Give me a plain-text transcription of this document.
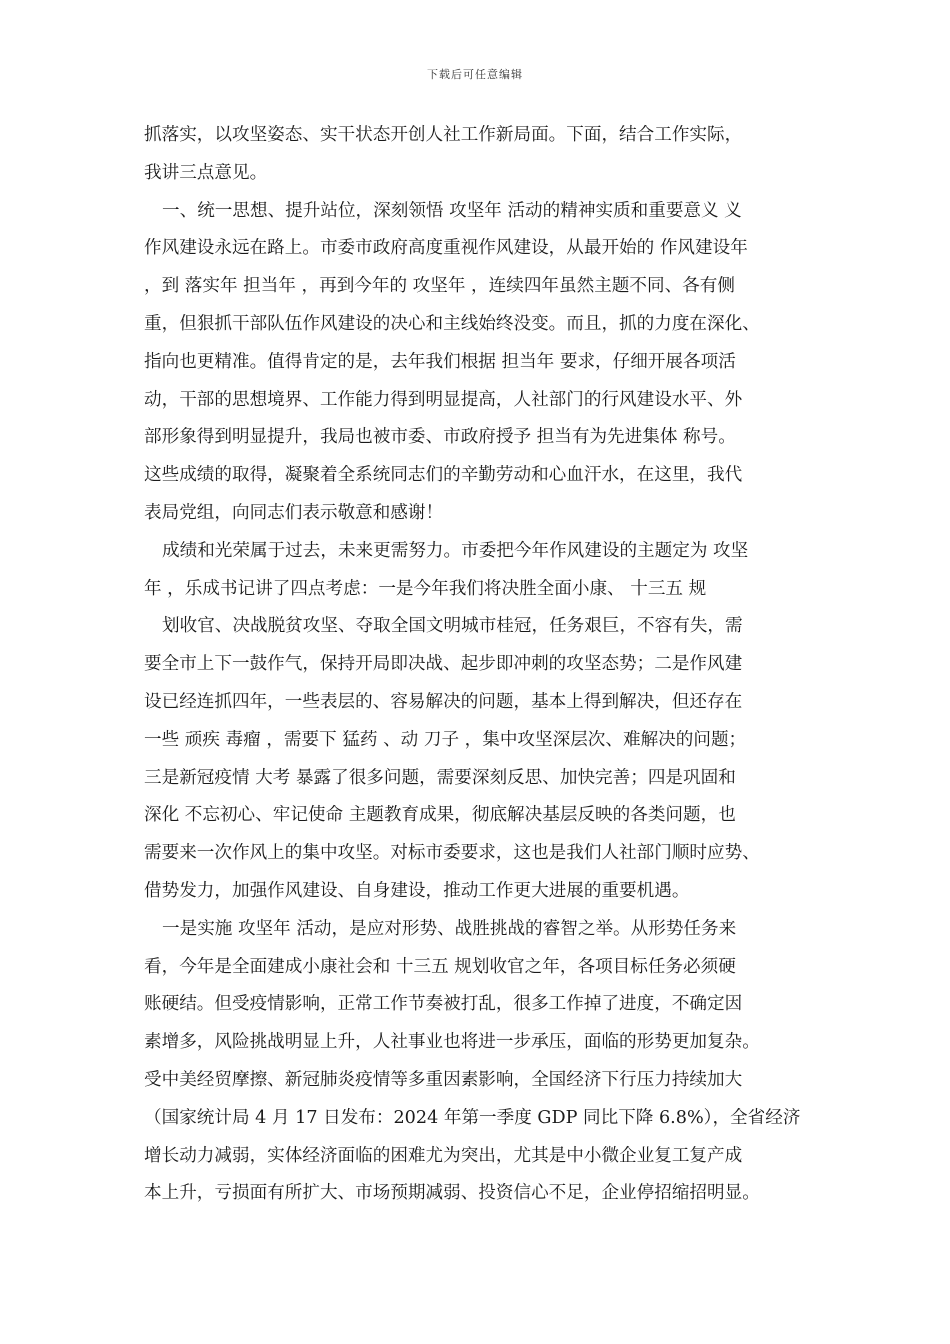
下载后可任意编辑
抓落实，以攻坚姿态、实干状态开创人社工作新局面。下面，结合工作实际，
我讲三点意见。
一、统一思想、提升站位，深刻领悟 攻坚年 活动的精神实质和重要意义 义
作风建设永远在路上。市委市政府高度重视作风建设，从最开始的 作风建设年
，到 落实年 担当年 ，再到今年的 攻坚年 ，连续四年虽然主题不同、各有侧
重，但狠抓干部队伍作风建设的决心和主线始终没变。而且，抓的力度在深化、
指向也更精准。值得肯定的是，去年我们根据 担当年 要求，仔细开展各项活
动，干部的思想境界、工作能力得到明显提高，人社部门的行风建设水平、外
部形象得到明显提升，我局也被市委、市政府授予 担当有为先进集体 称号。
这些成绩的取得，凝聚着全系统同志们的辛勤劳动和心血汗水，在这里，我代
表局党组，向同志们表示敬意和感谢！
成绩和光荣属于过去，未来更需努力。市委把今年作风建设的主题定为 攻坚
年 ，乐成书记讲了四点考虑：一是今年我们将决胜全面小康、 十三五 规
划收官、决战脱贫攻坚、夺取全国文明城市桂冠，任务艰巨，不容有失，需
要全市上下一鼓作气，保持开局即决战、起步即冲刺的攻坚态势；二是作风建
设已经连抓四年，一些表层的、容易解决的问题，基本上得到解决，但还存在
一些 顽疾 毒瘤 ，需要下 猛药 、动 刀子 ，集中攻坚深层次、难解决的问题；
三是新冠疫情 大考 暴露了很多问题，需要深刻反思、加快完善；四是巩固和
深化 不忘初心、牢记使命 主题教育成果，彻底解决基层反映的各类问题，也
需要来一次作风上的集中攻坚。对标市委要求，这也是我们人社部门顺时应势、
借势发力，加强作风建设、自身建设，推动工作更大进展的重要机遇。
一是实施 攻坚年 活动，是应对形势、战胜挑战的睿智之举。从形势任务来
看，今年是全面建成小康社会和 十三五 规划收官之年，各项目标任务必须硬
账硬结。但受疫情影响，正常工作节奏被打乱，很多工作掉了进度，不确定因
素增多，风险挑战明显上升，人社事业也将进一步承压，面临的形势更加复杂。
受中美经贸摩擦、新冠肺炎疫情等多重因素影响，全国经济下行压力持续加大
（国家统计局 4 月 17 日发布：2024 年第一季度 GDP 同比下降 6.8%），全省经济
增长动力减弱，实体经济面临的困难尤为突出，尤其是中小微企业复工复产成
本上升，亏损面有所扩大、市场预期减弱、投资信心不足，企业停招缩招明显。
